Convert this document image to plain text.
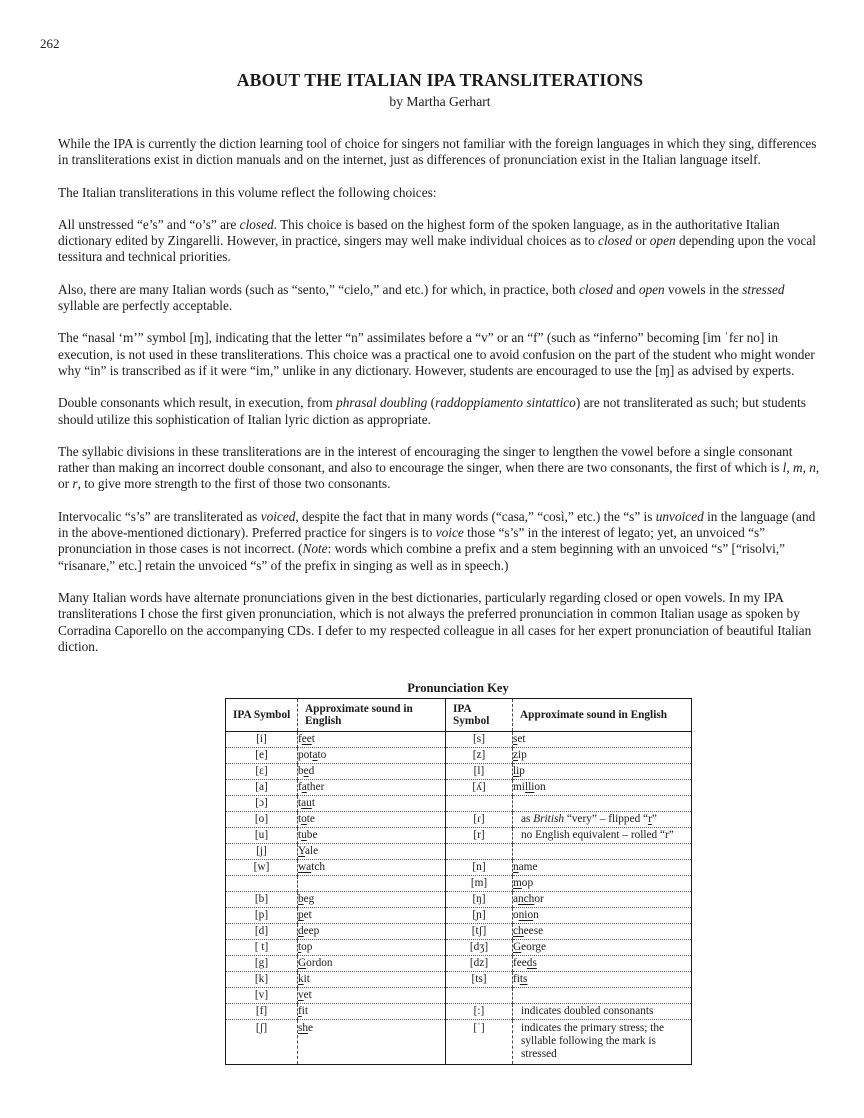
262
ABOUT THE ITALIAN IPA TRANSLITERATIONS
by Martha Gerhart

While the IPA is currently the diction learning tool of choice for singers not familiar with the foreign languages in which they sing, differences in transliterations exist in diction manuals and on the internet, just as differences of pronunciation exist in the Italian language itself.

The Italian transliterations in this volume reflect the following choices:

All unstressed “e’s” and “o’s” are closed. This choice is based on the highest form of the spoken language, as in the authoritative Italian dictionary edited by Zingarelli. However, in practice, singers may well make individual choices as to closed or open depending upon the vocal tessitura and technical priorities.

Also, there are many Italian words (such as “sento,” “cielo,” and etc.) for which, in practice, both closed and open vowels in the stressed syllable are perfectly acceptable.

The “nasal ‘m’” symbol [ɱ], indicating that the letter “n” assimilates before a “v” or an “f” (such as “inferno” becoming [im ˈfɛr no] in execution, is not used in these transliterations. This choice was a practical one to avoid confusion on the part of the student who might wonder why “in” is transcribed as if it were “im,” unlike in any dictionary. However, students are encouraged to use the [ɱ] as advised by experts.

Double consonants which result, in execution, from phrasal doubling (raddoppiamento sintattico) are not transliterated as such; but students should utilize this sophistication of Italian lyric diction as appropriate.

The syllabic divisions in these transliterations are in the interest of encouraging the singer to lengthen the vowel before a single consonant rather than making an incorrect double consonant, and also to encourage the singer, when there are two consonants, the first of which is l, m, n, or r, to give more strength to the first of those two consonants.

Intervocalic “s’s” are transliterated as voiced, despite the fact that in many words (“casa,” “così,” etc.) the “s” is unvoiced in the language (and in the above-mentioned dictionary). Preferred practice for singers is to voice those “s’s” in the interest of legato; yet, an unvoiced “s” pronunciation in those cases is not incorrect. (Note: words which combine a prefix and a stem beginning with an unvoiced “s” [“risolvi,” “risanare,” etc.] retain the unvoiced “s” of the prefix in singing as well as in speech.)

Many Italian words have alternate pronunciations given in the best dictionaries, particularly regarding closed or open vowels. In my IPA transliterations I chose the first given pronunciation, which is not always the preferred pronunciation in common Italian usage as spoken by Corradina Caporello on the accompanying CDs. I defer to my respected colleague in all cases for her expert pronunciation of beautiful Italian diction.

Pronunciation Key
IPA Symbol	Approximate sound in English	IPA Symbol	Approximate sound in English
[i]	feet	[s]	set
[e]	potato	[z]	zip
[ɛ]	bed	[l]	lip
[a]	father	[ʎ]	million
[ɔ]	taut		
[o]	tote	[ɾ]	as British “very” – flipped “r”
[u]	tube	[r]	no English equivalent – rolled “r”
[j]	Yale		
[w]	watch	[n]	name
		[m]	mop
[b]	beg	[ŋ]	anchor
[p]	pet	[ɲ]	onion
[d]	deep	[tʃ]	cheese
[ t]	top	[dʒ]	George
[g]	Gordon	[dz]	feeds
[k]	kit	[ts]	fits
[v]	vet		
[f]	fit	[:]	indicates doubled consonants
[ʃ]	she	[ˈ]	indicates the primary stress; the syllable following the mark is stressed
